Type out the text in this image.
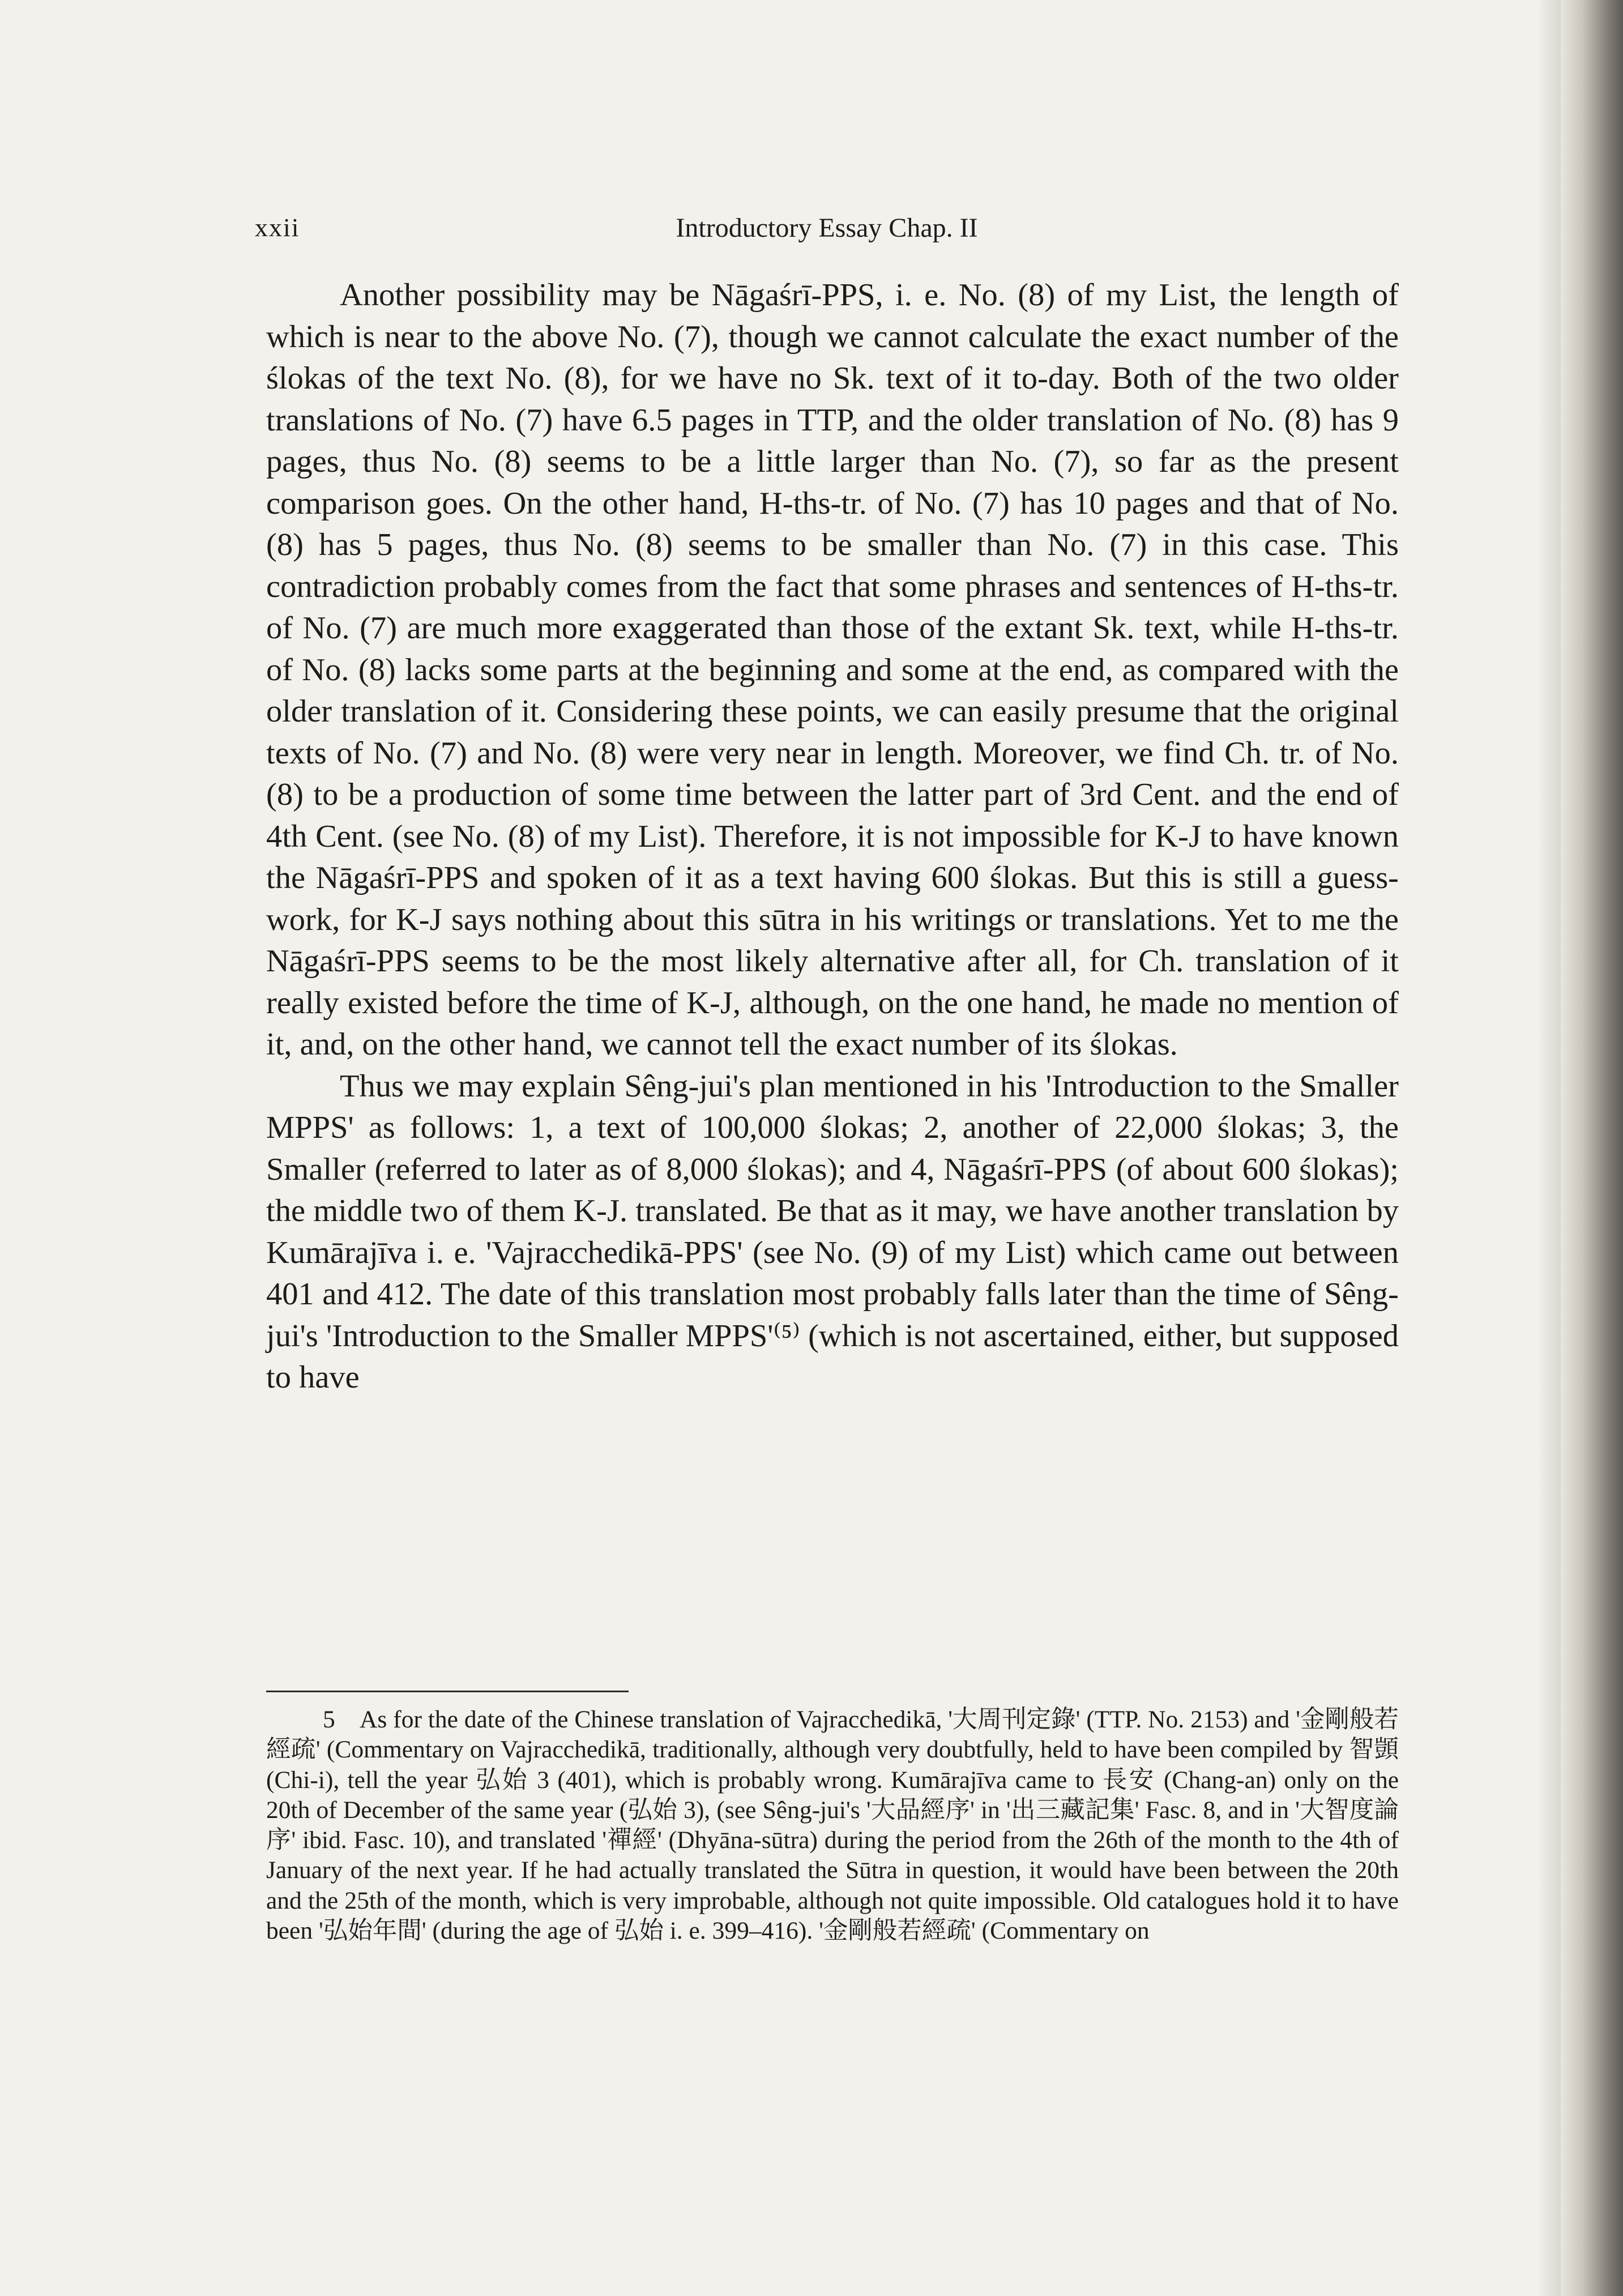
xxii	Introductory Essay Chap. II

Another possibility may be Nāgaśrī-PPS, i. e. No. (8) of my List, the length of which is near to the above No. (7), though we cannot calculate the exact number of the ślokas of the text No. (8), for we have no Sk. text of it to-day. Both of the two older translations of No. (7) have 6.5 pages in TTP, and the older translation of No. (8) has 9 pages, thus No. (8) seems to be a little larger than No. (7), so far as the present comparison goes. On the other hand, H-ths-tr. of No. (7) has 10 pages and that of No. (8) has 5 pages, thus No. (8) seems to be smaller than No. (7) in this case. This contradiction probably comes from the fact that some phrases and sentences of H-ths-tr. of No. (7) are much more exaggerated than those of the extant Sk. text, while H-ths-tr. of No. (8) lacks some parts at the beginning and some at the end, as compared with the older translation of it. Considering these points, we can easily presume that the original texts of No. (7) and No. (8) were very near in length. Moreover, we find Ch. tr. of No. (8) to be a production of some time between the latter part of 3rd Cent. and the end of 4th Cent. (see No. (8) of my List). Therefore, it is not impossible for K-J to have known the Nāgaśrī-PPS and spoken of it as a text having 600 ślokas. But this is still a guess-work, for K-J says nothing about this sūtra in his writings or translations. Yet to me the Nāgaśrī-PPS seems to be the most likely alternative after all, for Ch. translation of it really existed before the time of K-J, although, on the one hand, he made no mention of it, and, on the other hand, we cannot tell the exact number of its ślokas.

Thus we may explain Sêng-jui's plan mentioned in his 'Introduction to the Smaller MPPS' as follows: 1, a text of 100,000 ślokas; 2, another of 22,000 ślokas; 3, the Smaller (referred to later as of 8,000 ślokas); and 4, Nāgaśrī-PPS (of about 600 ślokas); the middle two of them K-J. translated. Be that as it may, we have another translation by Kumārajīva i. e. 'Vajracchedikā-PPS' (see No. (9) of my List) which came out between 401 and 412. The date of this translation most probably falls later than the time of Sêng-jui's 'Introduction to the Smaller MPPS'⁽⁵⁾ (which is not ascertained, either, but supposed to have

5 As for the date of the Chinese translation of Vajracchedikā, '大周刊定錄' (TTP. No. 2153) and '金剛般若經疏' (Commentary on Vajracchedikā, traditionally, although very doubtfully, held to have been compiled by 智顗 (Chi-i), tell the year 弘始 3 (401), which is probably wrong. Kumārajīva came to 長安 (Chang-an) only on the 20th of December of the same year (弘始 3), (see Sêng-jui's '大品經序' in '出三藏記集' Fasc. 8, and in '大智度論序' ibid. Fasc. 10), and translated '禪經' (Dhyāna-sūtra) during the period from the 26th of the month to the 4th of January of the next year. If he had actually translated the Sūtra in question, it would have been between the 20th and the 25th of the month, which is very improbable, although not quite impossible. Old catalogues hold it to have been '弘始年間' (during the age of 弘始 i. e. 399–416). '金剛般若經疏' (Commentary on
